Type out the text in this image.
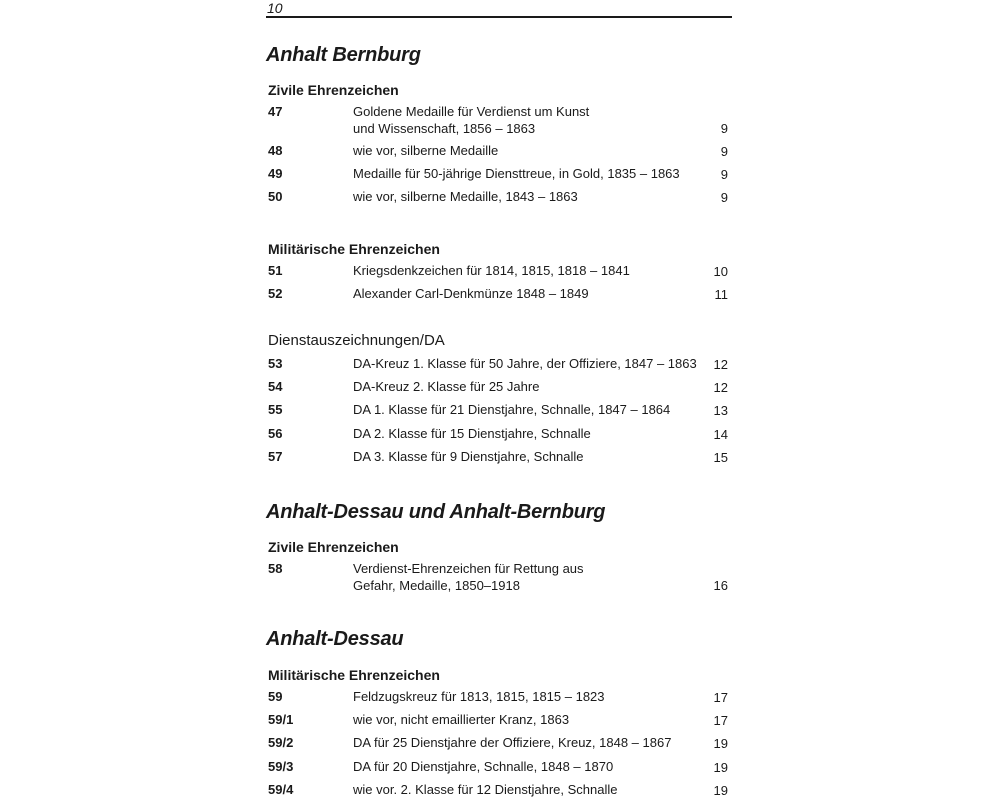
10
Anhalt Bernburg
Zivile Ehrenzeichen
47	Goldene Medaille für Verdienst um Kunst
und Wissenschaft, 1856 – 1863	9
48	wie vor, silberne Medaille	9
49	Medaille für 50-jährige Diensttreue, in Gold, 1835 – 1863	9
50	wie vor, silberne Medaille, 1843 – 1863	9
Militärische Ehrenzeichen
51	Kriegsdenkzeichen für 1814, 1815, 1818 – 1841	10
52	Alexander Carl-Denkmünze 1848 – 1849	11
Dienstauszeichnungen/DA
53	DA-Kreuz 1. Klasse für 50 Jahre, der Offiziere, 1847 – 1863	12
54	DA-Kreuz 2. Klasse für 25 Jahre	12
55	DA 1. Klasse für 21 Dienstjahre, Schnalle, 1847 – 1864	13
56	DA 2. Klasse für 15 Dienstjahre, Schnalle	14
57	DA 3. Klasse für 9 Dienstjahre, Schnalle	15
Anhalt-Dessau und Anhalt-Bernburg
Zivile Ehrenzeichen
58	Verdienst-Ehrenzeichen für Rettung aus
Gefahr, Medaille, 1850–1918	16
Anhalt-Dessau
Militärische Ehrenzeichen
59	Feldzugskreuz für 1813, 1815, 1815 – 1823	17
59/1	wie vor, nicht emaillierter Kranz, 1863	17
59/2	DA für 25 Dienstjahre der Offiziere, Kreuz, 1848 – 1867	19
59/3	DA für 20 Dienstjahre, Schnalle, 1848 – 1870	19
59/4	wie vor. 2. Klasse für 12 Dienstjahre, Schnalle	19
